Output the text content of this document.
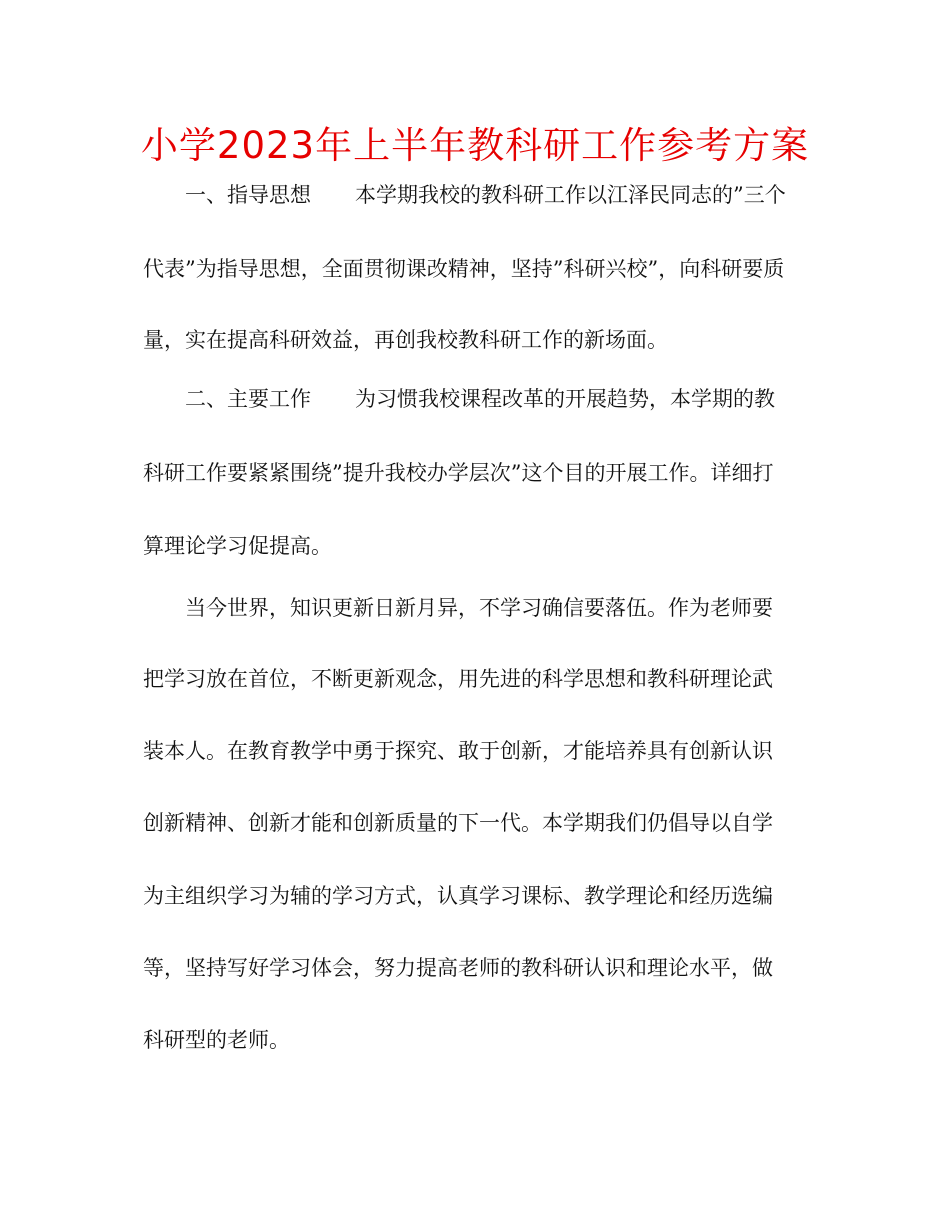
小学2023年上半年教科研工作参考方案
一、指导思想 本学期我校的教科研工作以江泽民同志的”三个
代表”为指导思想，全面贯彻课改精神，坚持”科研兴校”，向科研要质
量，实在提高科研效益，再创我校教科研工作的新场面。
二、主要工作 为习惯我校课程改革的开展趋势，本学期的教
科研工作要紧紧围绕”提升我校办学层次”这个目的开展工作。详细打
算理论学习促提高。
当今世界，知识更新日新月异，不学习确信要落伍。作为老师要
把学习放在首位，不断更新观念，用先进的科学思想和教科研理论武
装本人。在教育教学中勇于探究、敢于创新，才能培养具有创新认识
创新精神、创新才能和创新质量的下一代。本学期我们仍倡导以自学
为主组织学习为辅的学习方式，认真学习课标、教学理论和经历选编
等，坚持写好学习体会，努力提高老师的教科研认识和理论水平，做
科研型的老师。
